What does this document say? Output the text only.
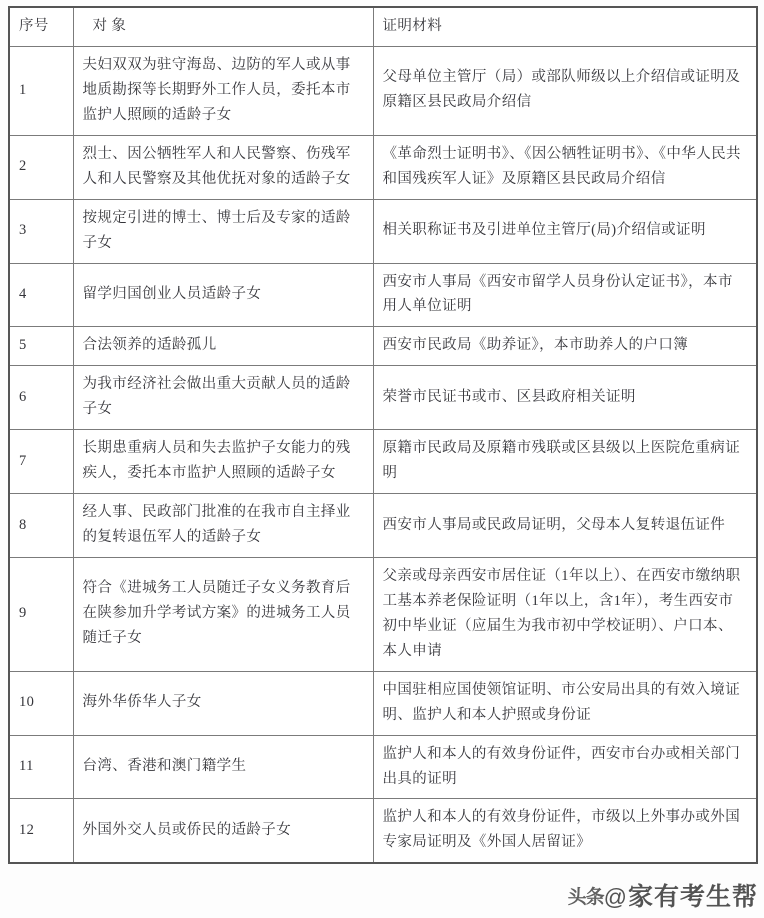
序号	对 象	证明材料
1	夫妇双双为驻守海岛、边防的军人或从事地质勘探等长期野外工作人员，委托本市监护人照顾的适龄子女	父母单位主管厅（局）或部队师级以上介绍信或证明及原籍区县民政局介绍信
2	烈士、因公牺牲军人和人民警察、伤残军人和人民警察及其他优抚对象的适龄子女	《革命烈士证明书》、《因公牺牲证明书》、《中华人民共和国残疾军人证》及原籍区县民政局介绍信
3	按规定引进的博士、博士后及专家的适龄子女	相关职称证书及引进单位主管厅(局)介绍信或证明
4	留学归国创业人员适龄子女	西安市人事局《西安市留学人员身份认定证书》，本市用人单位证明
5	合法领养的适龄孤儿	西安市民政局《助养证》，本市助养人的户口簿
6	为我市经济社会做出重大贡献人员的适龄子女	荣誉市民证书或市、区县政府相关证明
7	长期患重病人员和失去监护子女能力的残疾人，委托本市监护人照顾的适龄子女	原籍市民政局及原籍市残联或区县级以上医院危重病证明
8	经人事、民政部门批准的在我市自主择业的复转退伍军人的适龄子女	西安市人事局或民政局证明，父母本人复转退伍证件
9	符合《进城务工人员随迁子女义务教育后在陕参加升学考试方案》的进城务工人员随迁子女	父亲或母亲西安市居住证（1年以上）、在西安市缴纳职工基本养老保险证明（1年以上，含1年），考生西安市初中毕业证（应届生为我市初中学校证明）、户口本、本人申请
10	海外华侨华人子女	中国驻相应国使领馆证明、市公安局出具的有效入境证明、监护人和本人护照或身份证
11	台湾、香港和澳门籍学生	监护人和本人的有效身份证件，西安市台办或相关部门出具的证明
12	外国外交人员或侨民的适龄子女	监护人和本人的有效身份证件，市级以上外事办或外国专家局证明及《外国人居留证》
头条@家有考生帮
